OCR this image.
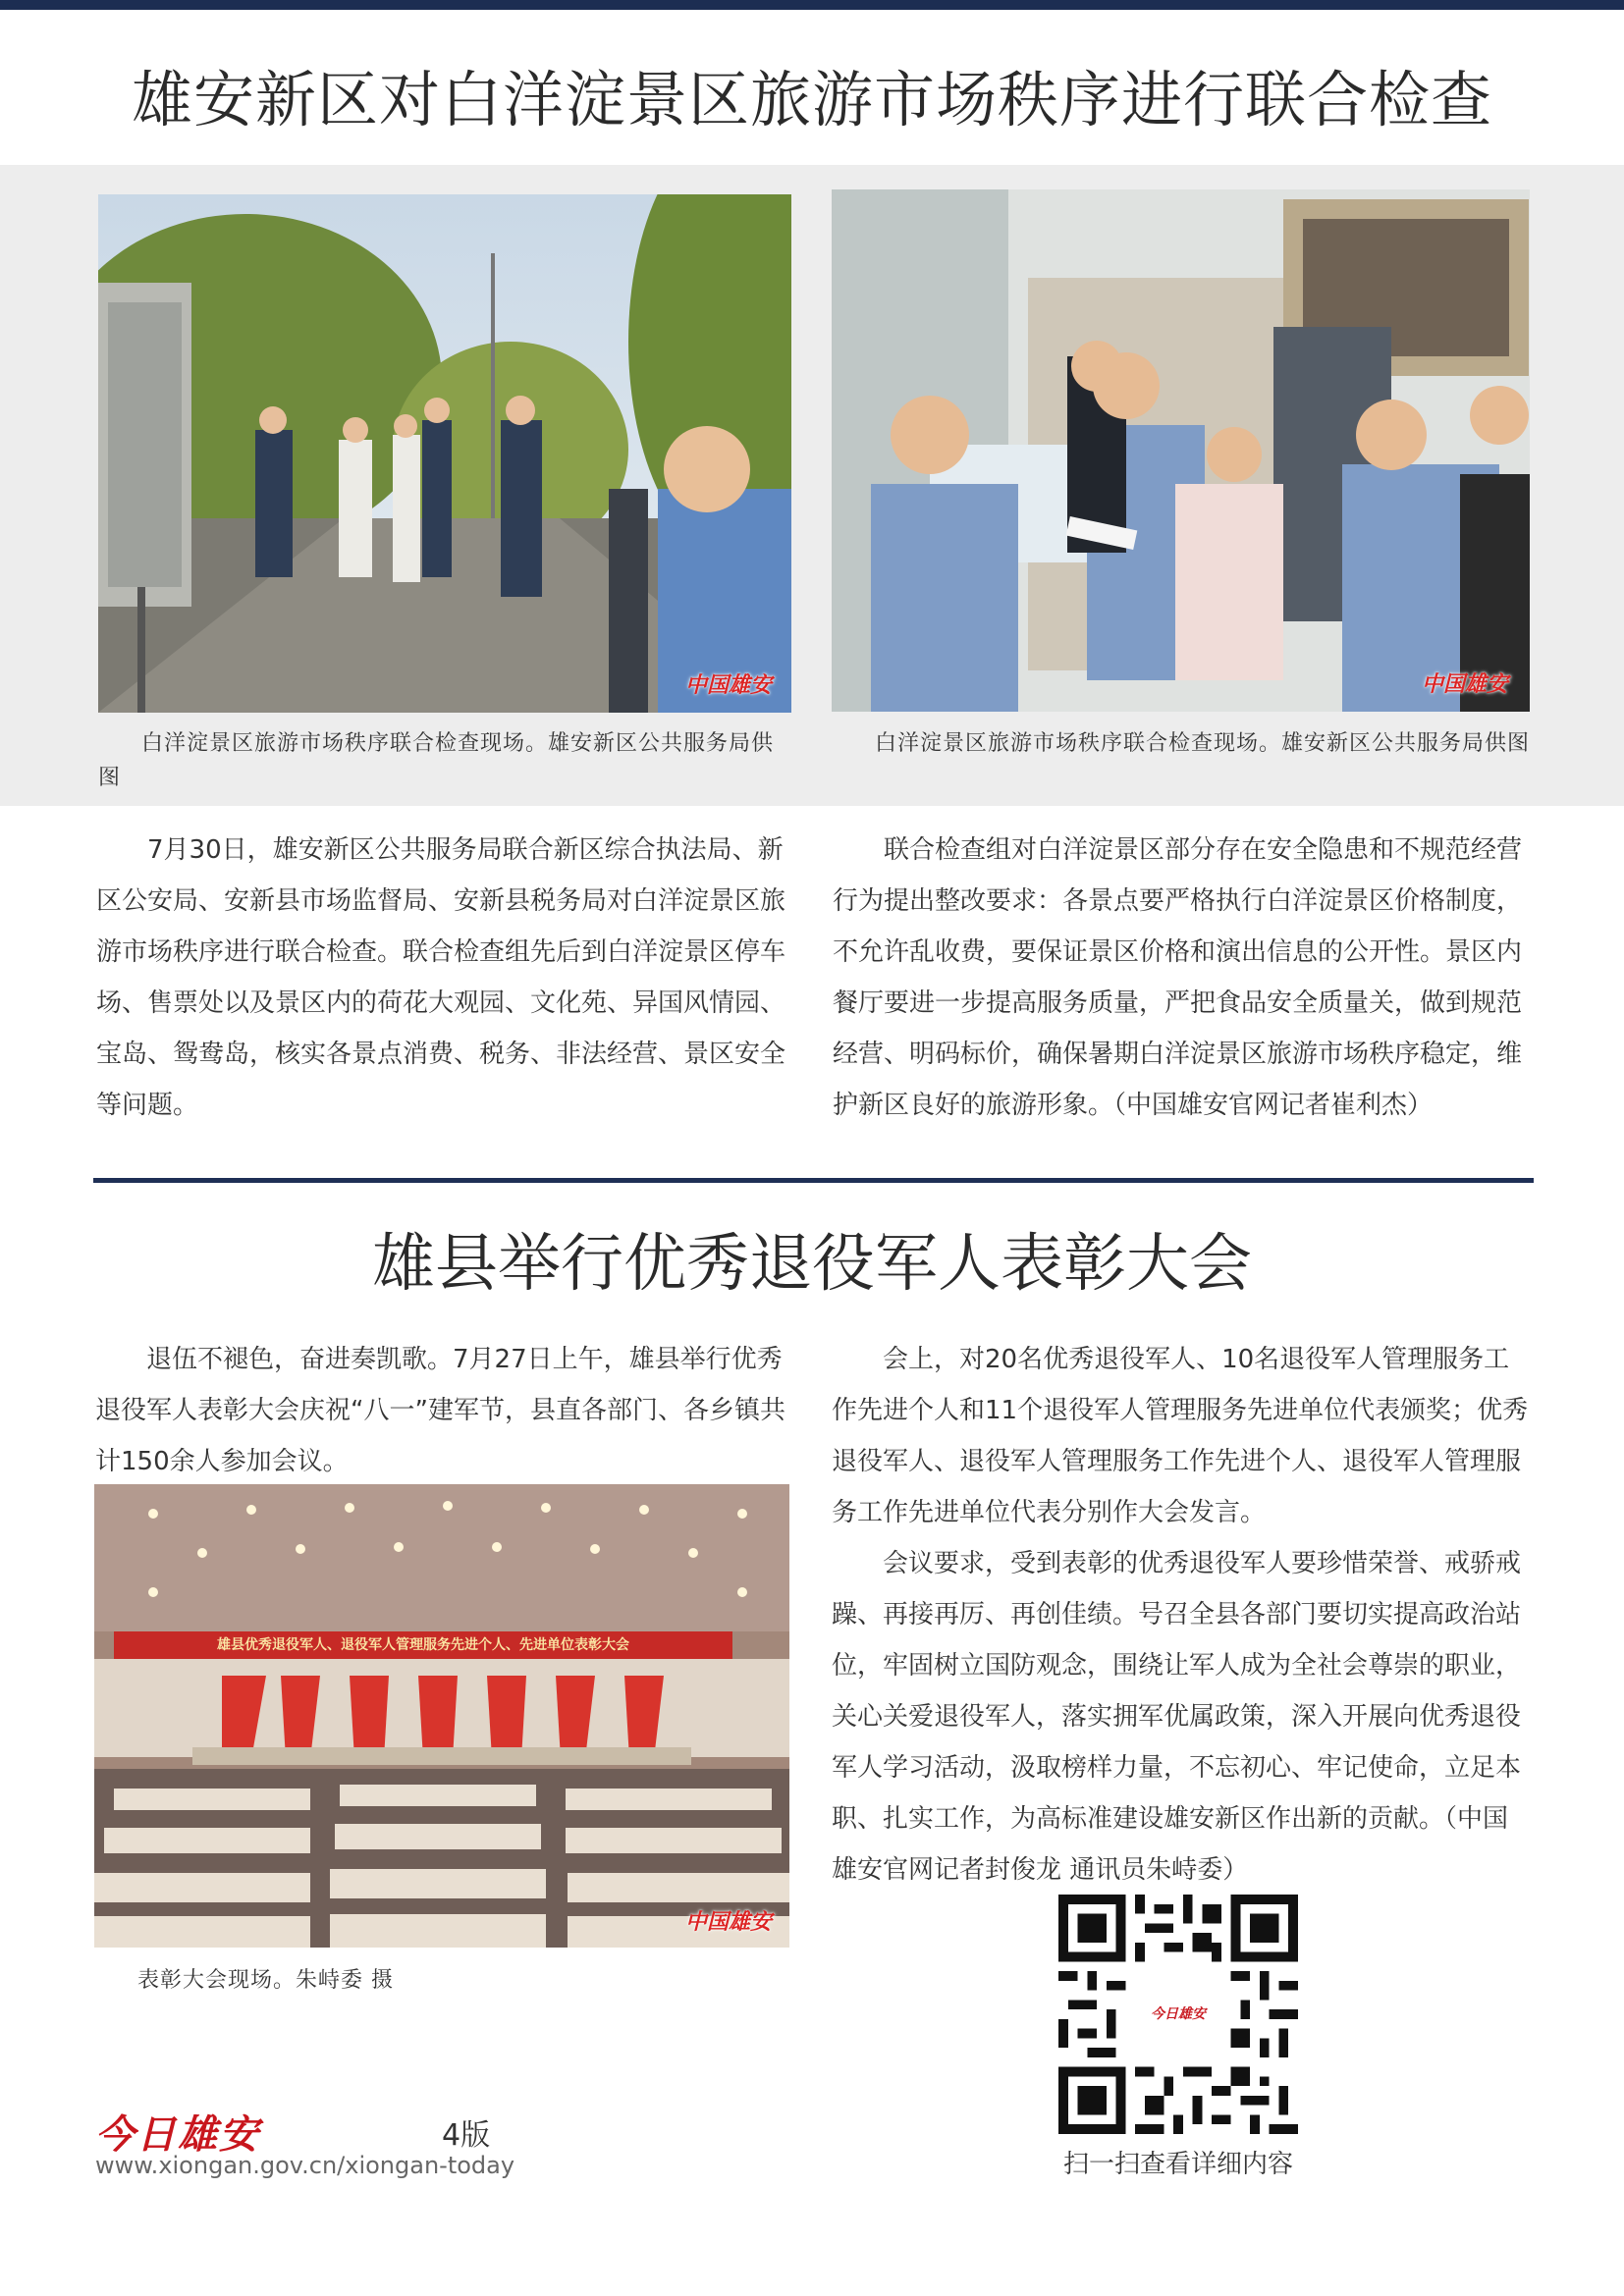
雄安新区对白洋淀景区旅游市场秩序进行联合检查
中国雄安
白洋淀景区旅游市场秩序联合检查现场。雄安新区公共服务局供图
中国雄安
白洋淀景区旅游市场秩序联合检查现场。雄安新区公共服务局供图

7月30日，雄安新区公共服务局联合新区综合执法局、新区公安局、安新县市场监督局、安新县税务局对白洋淀景区旅游市场秩序进行联合检查。联合检查组先后到白洋淀景区停车场、售票处以及景区内的荷花大观园、文化苑、异国风情园、宝岛、鸳鸯岛，核实各景点消费、税务、非法经营、景区安全等问题。

联合检查组对白洋淀景区部分存在安全隐患和不规范经营行为提出整改要求：各景点要严格执行白洋淀景区价格制度，不允许乱收费，要保证景区价格和演出信息的公开性。景区内餐厅要进一步提高服务质量，严把食品安全质量关，做到规范经营、明码标价，确保暑期白洋淀景区旅游市场秩序稳定，维护新区良好的旅游形象。（中国雄安官网记者崔利杰）

雄县举行优秀退役军人表彰大会

退伍不褪色，奋进奏凯歌。7月27日上午，雄县举行优秀退役军人表彰大会庆祝“八一”建军节，县直各部门、各乡镇共计150余人参加会议。

雄县优秀退役军人、退役军人管理服务先进个人、先进单位表彰大会
中国雄安
表彰大会现场。朱峙委 摄

会上，对20名优秀退役军人、10名退役军人管理服务工作先进个人和11个退役军人管理服务先进单位代表颁奖；优秀退役军人、退役军人管理服务工作先进个人、退役军人管理服务工作先进单位代表分别作大会发言。

会议要求，受到表彰的优秀退役军人要珍惜荣誉、戒骄戒躁、再接再厉、再创佳绩。号召全县各部门要切实提高政治站位，牢固树立国防观念，围绕让军人成为全社会尊崇的职业，关心关爱退役军人，落实拥军优属政策，深入开展向优秀退役军人学习活动，汲取榜样力量，不忘初心、牢记使命，立足本职、扎实工作，为高标准建设雄安新区作出新的贡献。（中国雄安官网记者封俊龙 通讯员朱峙委）

今日雄安
扫一扫查看详细内容
今日雄安	4版
www.xiongan.gov.cn/xiongan-today
